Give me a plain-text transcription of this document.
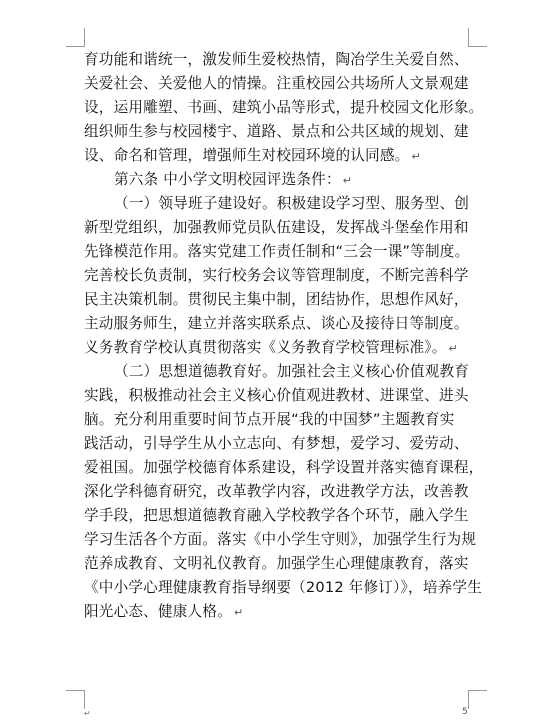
育功能和谐统一，激发师生爱校热情，陶冶学生关爱自然、
关爱社会、关爱他人的情操。注重校园公共场所人文景观建
设，运用雕塑、书画、建筑小品等形式，提升校园文化形象。
组织师生参与校园楼宇、道路、景点和公共区域的规划、建
设、命名和管理，增强师生对校园环境的认同感。 ↵
第六条 中小学文明校园评选条件： ↵
（一）领导班子建设好。积极建设学习型、服务型、创
新型党组织，加强教师党员队伍建设，发挥战斗堡垒作用和
先锋模范作用。落实党建工作责任制和“三会一课”等制度。
完善校长负责制，实行校务会议等管理制度，不断完善科学
民主决策机制。贯彻民主集中制，团结协作，思想作风好，
主动服务师生，建立并落实联系点、谈心及接待日等制度。
义务教育学校认真贯彻落实《义务教育学校管理标准》。 ↵
（二）思想道德教育好。加强社会主义核心价值观教育
实践，积极推动社会主义核心价值观进教材、进课堂、进头
脑。充分利用重要时间节点开展“我的中国梦”主题教育实
践活动，引导学生从小立志向、有梦想，爱学习、爱劳动、
爱祖国。加强学校德育体系建设，科学设置并落实德育课程，
深化学科德育研究，改革教学内容，改进教学方法，改善教
学手段，把思想道德教育融入学校教学各个环节，融入学生
学习生活各个方面。落实《中小学生守则》，加强学生行为规
范养成教育、文明礼仪教育。加强学生心理健康教育，落实
《中小学心理健康教育指导纲要（2012 年修订）》，培养学生
阳光心态、健康人格。 ↵
↵	5
